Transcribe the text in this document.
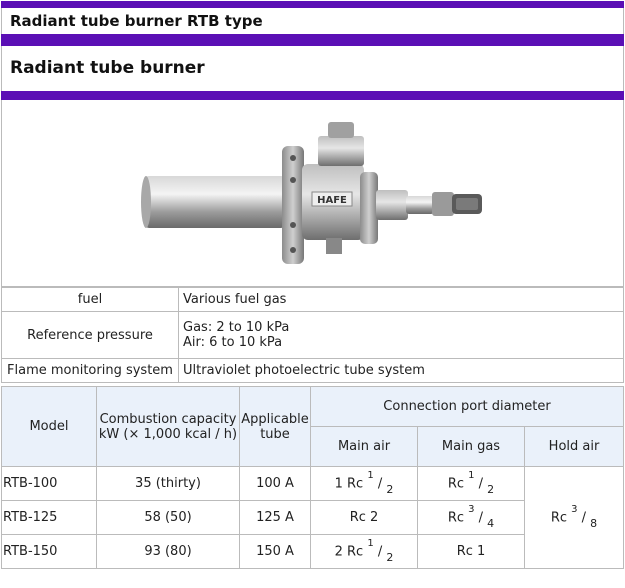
Radiant tube burner RTB type
Radiant tube burner
HAFE
fuel	Various fuel gas
Reference pressure	Gas: 2 to 10 kPa
Air: 6 to 10 kPa

Flame monitoring system	Ultraviolet photoelectric tube system
Model	Combustion capacity kW (× 1,000 kcal / h)	Applicable tube	Connection port diameter		
			Main air	Main gas	Hold air
RTB-100	35 (thirty)	100 A	1 Rc $^1$ / $_2$	Rc $^1$ / $_2$	Rc $^3$ / $_8$
RTB-125	58 (50)	125 A	Rc 2	Rc $^3$ / $_4$
RTB-150	93 (80)	150 A	2 Rc $^1$ / $_2$	Rc 1	
